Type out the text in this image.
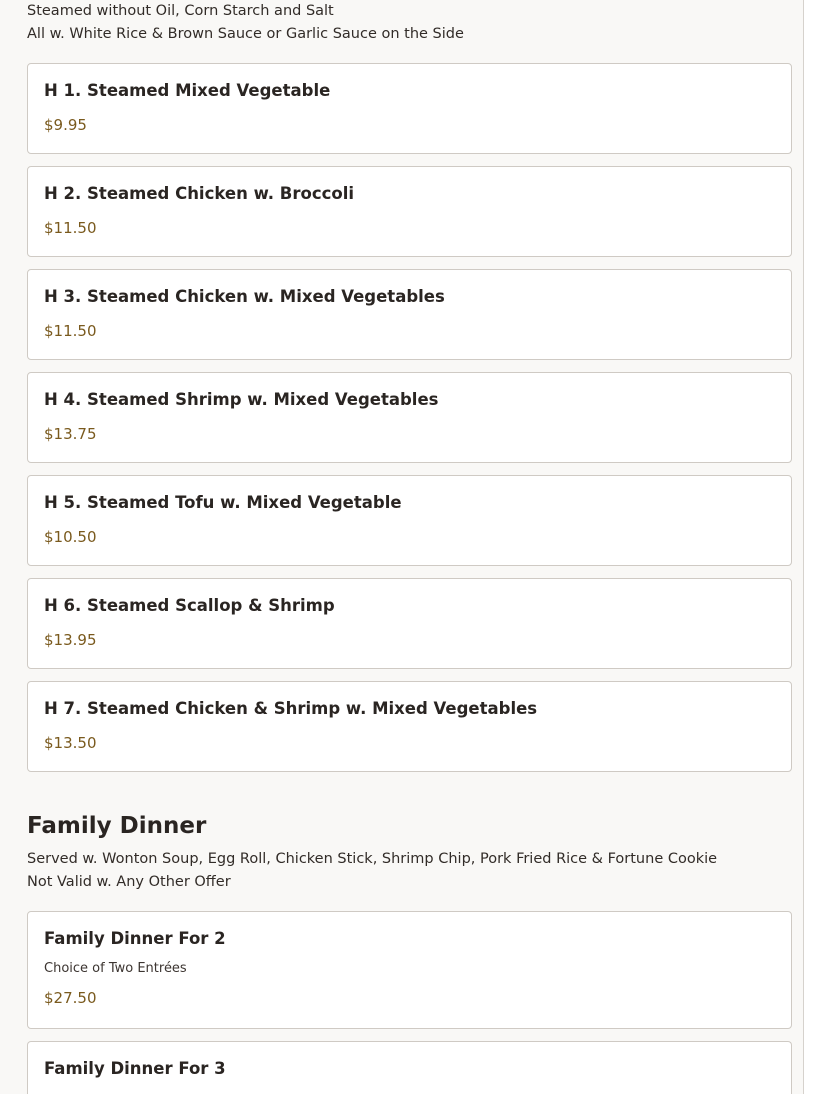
Steamed without Oil, Corn Starch and Salt
All w. White Rice & Brown Sauce or Garlic Sauce on the Side
H 1. Steamed Mixed Vegetable
$9.95
H 2. Steamed Chicken w. Broccoli
$11.50
H 3. Steamed Chicken w. Mixed Vegetables
$11.50
H 4. Steamed Shrimp w. Mixed Vegetables
$13.75
H 5. Steamed Tofu w. Mixed Vegetable
$10.50
H 6. Steamed Scallop & Shrimp
$13.95
H 7. Steamed Chicken & Shrimp w. Mixed Vegetables
$13.50
Family Dinner
Served w. Wonton Soup, Egg Roll, Chicken Stick, Shrimp Chip, Pork Fried Rice & Fortune Cookie
Not Valid w. Any Other Offer
Family Dinner For 2
Choice of Two Entrées
$27.50
Family Dinner For 3
